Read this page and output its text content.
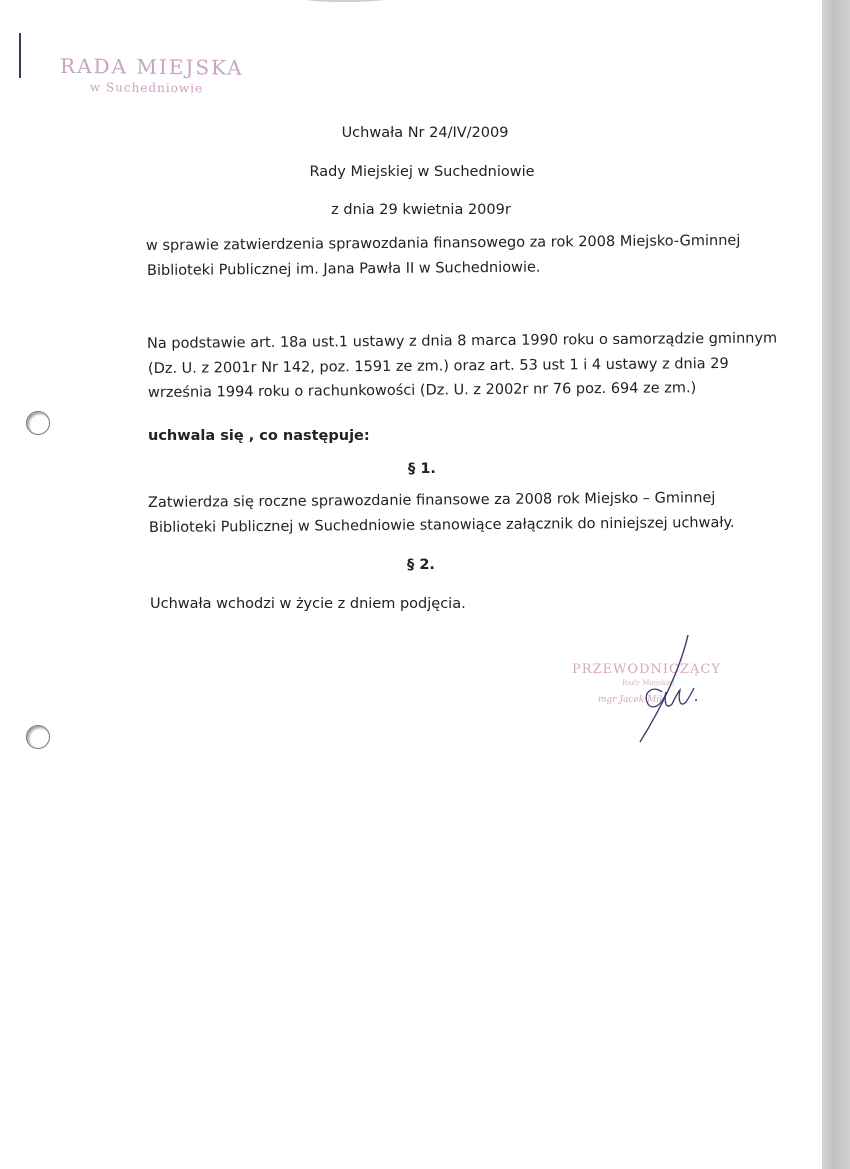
RADA MIEJSKA
w Suchedniowie
Uchwała Nr 24/IV/2009
Rady Miejskiej w Suchedniowie
z dnia 29 kwietnia 2009r
w sprawie zatwierdzenia sprawozdania finansowego za rok 2008 Miejsko-Gminnej
Biblioteki Publicznej im. Jana Pawła II w Suchedniowie.
Na podstawie art. 18a ust.1 ustawy z dnia 8 marca 1990 roku o samorządzie gminnym
(Dz. U. z 2001r Nr 142, poz. 1591 ze zm.) oraz art. 53 ust 1 i 4 ustawy z dnia 29
września 1994 roku o rachunkowości (Dz. U. z 2002r nr 76 poz. 694 ze zm.)
uchwala się , co następuje:
§ 1.
Zatwierdza się roczne sprawozdanie finansowe za 2008 rok Miejsko – Gminnej
Biblioteki Publicznej w Suchedniowie stanowiące załącznik do niniejszej uchwały.
§ 2.
Uchwała wchodzi w życie z dniem podjęcia.
PRZEWODNICZĄCY
Rady Miejskiej
mgr Jacek Mik
